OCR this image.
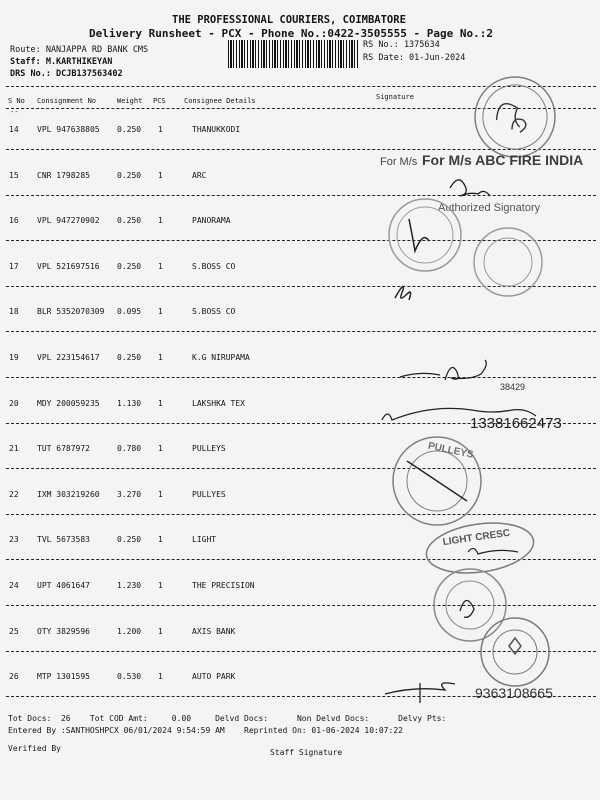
THE PROFESSIONAL COURIERS, COIMBATORE
Delivery Runsheet - PCX - Phone No.:0422-3505555 - Page No.:2
Route: NANJAPPA RD BANK CMS
Staff: M.KARTHIKEYAN
DRS No.: DCJB137563402
RS No.: 1375634
RS Date: 01-Jun-2024
S No Consignment No	Weight PCS	Consignee Details	Signature
--
14 VPL 947638805 0.250 1	THANUKKODI
15 CNR 1798285	0.250 1	ARC
16 VPL 947270902 0.250 1	PANORAMA
17 VPL 521697516 0.250 1	S.BOSS CO
18 BLR 5352070309 0.095 1	S.BOSS CO
19 VPL 223154617 0.250 1	K.G NIRUPAMA
20 MDY 200059235 1.130 1	LAKSHKA TEX
21 TUT 6787972	0.780 1	PULLEYS
22 IXM 303219260 3.270 1	PULLYES
23 TVL 5673583	0.250 1	LIGHT
24 UPT 4061647	1.230 1	THE PRECISION
25 OTY 3829596	1.200 1	AXIS BANK
26 MTP 1301595	0.530 1	AUTO PARK
For M/s For M/s ABC FIRE INDIA
Authorized Signatory
38429
13381662473
PULLEYS
LIGHT CRESC
9363108665
Tot Docs:  26    Tot COD Amt:     0.00     Delvd Docs:      Non Delvd Docs:      Delvy Pts:
Entered By :SANTHOSHPCX 06/01/2024 9:54:59 AM    Reprinted On: 01-06-2024 10:07:22
Verified By	Staff Signature
